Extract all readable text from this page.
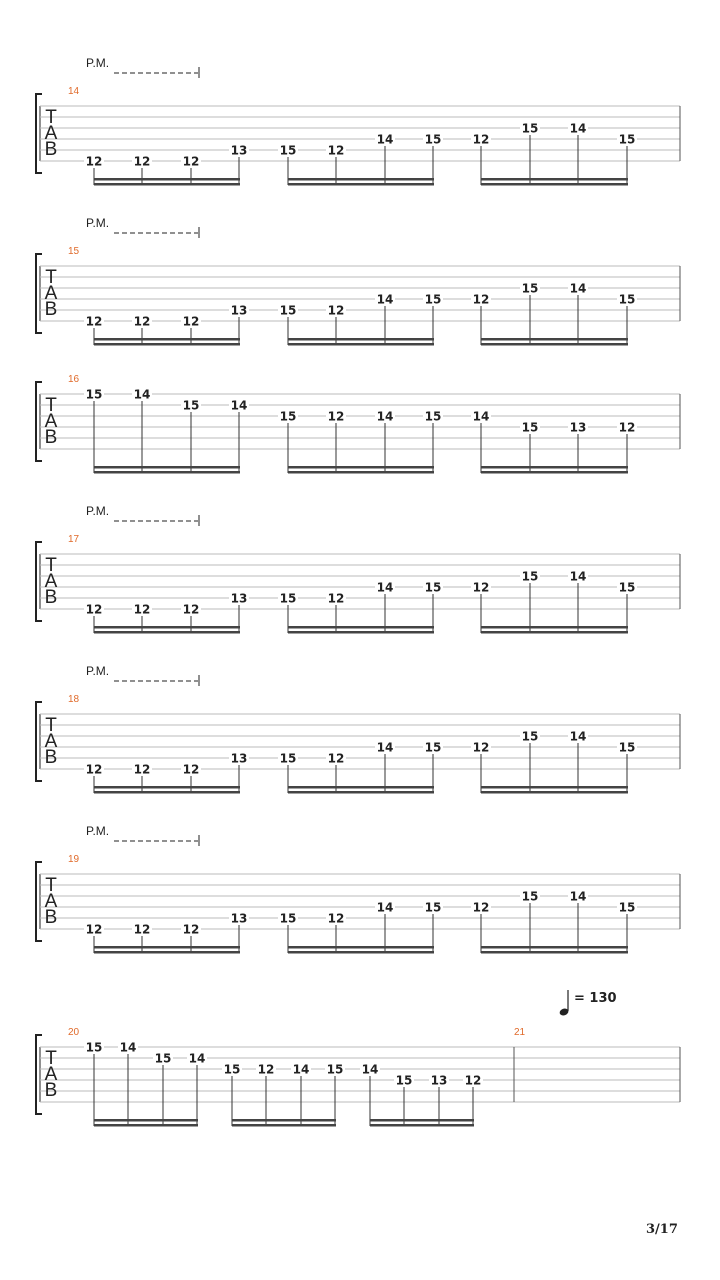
T
A
B
14
P.M.
12	12	12
13	15	12
14	15	12
15	14
15
T
A
B
15
P.M.
12	12	12
13	15	12
14	15	12
15	14
15
T
A
B
16
15	14
15	14
15	12	14	15	14
15	13	12
T
A
B
17
P.M.
12	12	12
13	15	12
14	15	12
15	14
15
T
A
B
18
P.M.
12	12	12
13	15	12
14	15	12
15	14
15
T
A
B
19
P.M.
12	12	12
13	15	12
14	15	12
15	14
15
T
A
B
20
15 14
15 14
15 12 14 15 14
15 13 12
21
= 130
3/17
